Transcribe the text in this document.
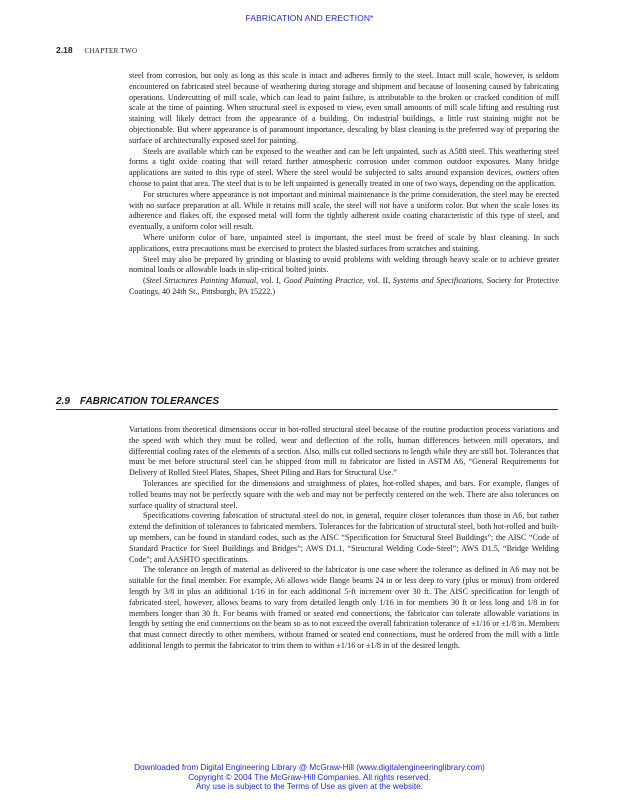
FABRICATION AND ERECTION*
2.18 CHAPTER TWO

steel from corrosion, but only as long as this scale is intact and adheres firmly to the steel. Intact mill scale, however, is seldom encountered on fabricated steel because of weathering during storage and shipment and because of loosening caused by fabricating operations. Undercutting of mill scale, which can lead to paint failure, is attributable to the broken or cracked condition of mill scale at the time of painting. When structural steel is exposed to view, even small amounts of mill scale lifting and resulting rust staining will likely detract from the appearance of a building. On industrial buildings, a little rust staining might not be objectionable. But where appearance is of paramount importance, descaling by blast cleaning is the preferred way of preparing the surface of architecturally exposed steel for painting.

Steels are available which can be exposed to the weather and can be left unpainted, such as A588 steel. This weathering steel forms a tight oxide coating that will retard further atmospheric corrosion under common outdoor exposures. Many bridge applications are suited to this type of steel. Where the steel would be subjected to salts around expansion devices, owners often choose to paint that area. The steel that is to be left unpainted is generally treated in one of two ways, depending on the application.

For structures where appearance is not important and minimal maintenance is the prime consideration, the steel may be erected with no surface preparation at all. While it retains mill scale, the steel will not have a uniform color. But when the scale loses its adherence and flakes off, the exposed metal will form the tightly adherent oxide coating characteristic of this type of steel, and eventually, a uniform color will result.

Where uniform color of bare, unpainted steel is important, the steel must be freed of scale by blast cleaning. In such applications, extra precautions must be exercised to protect the blasted surfaces from scratches and staining.

Steel may also be prepared by grinding or blasting to avoid problems with welding through heavy scale or to achieve greater nominal loads or allowable loads in slip-critical bolted joints.

(Steel Structures Painting Manual, vol. I, Good Painting Practice, vol. II, Systems and Specifications, Society for Protective Coatings, 40 24th St., Pittsburgh, PA 15222.)

2.9 FABRICATION TOLERANCES

Variations from theoretical dimensions occur in hot-rolled structural steel because of the routine production process variations and the speed with which they must be rolled, wear and deflection of the rolls, human differences between mill operators, and differential cooling rates of the elements of a section. Also, mills cut rolled sections to length while they are still hot. Tolerances that must be met before structural steel can be shipped from mill to fabricator are listed in ASTM A6, “General Requirements for Delivery of Rolled Steel Plates, Shapes, Sheet Piling and Bars for Structural Use.”

Tolerances are specified for the dimensions and straightness of plates, hot-rolled shapes, and bars. For example, flanges of rolled beams may not be perfectly square with the web and may not be perfectly centered on the web. There are also tolerances on surface quality of structural steel.

Specifications covering fabrication of structural steel do not, in general, require closer tolerances than those in A6, but rather extend the definition of tolerances to fabricated members. Tolerances for the fabrication of structural steel, both hot-rolled and built-up members, can be found in standard codes, such as the AISC “Specification for Structural Steel Buildings”; the AISC “Code of Standard Practice for Steel Buildings and Bridges”; AWS D1.1, “Structural Welding Code-Steel”; AWS D1.5, “Bridge Welding Code”; and AASHTO specifications.

The tolerance on length of material as delivered to the fabricator is one case where the tolerance as defined in A6 may not be suitable for the final member. For example, A6 allows wide flange beams 24 in or less deep to vary (plus or minus) from ordered length by 3/8 in plus an additional 1/16 in for each additional 5-ft increment over 30 ft. The AISC specification for length of fabricated steel, however, allows beams to vary from detailed length only 1/16 in for members 30 ft or less long and 1/8 in for members longer than 30 ft. For beams with framed or seated end connections, the fabricator can tolerate allowable variations in length by setting the end connections on the beam so as to not exceed the overall fabrication tolerance of ±1/16 or ±1/8 in. Members that must connect directly to other members, without framed or seated end connections, must be ordered from the mill with a little additional length to permit the fabricator to trim them to within ±1/16 or ±1/8 in of the desired length.

Downloaded from Digital Engineering Library @ McGraw-Hill (www.digitalengineeringlibrary.com)
Copyright © 2004 The McGraw-Hill Companies. All rights reserved.
Any use is subject to the Terms of Use as given at the website.
